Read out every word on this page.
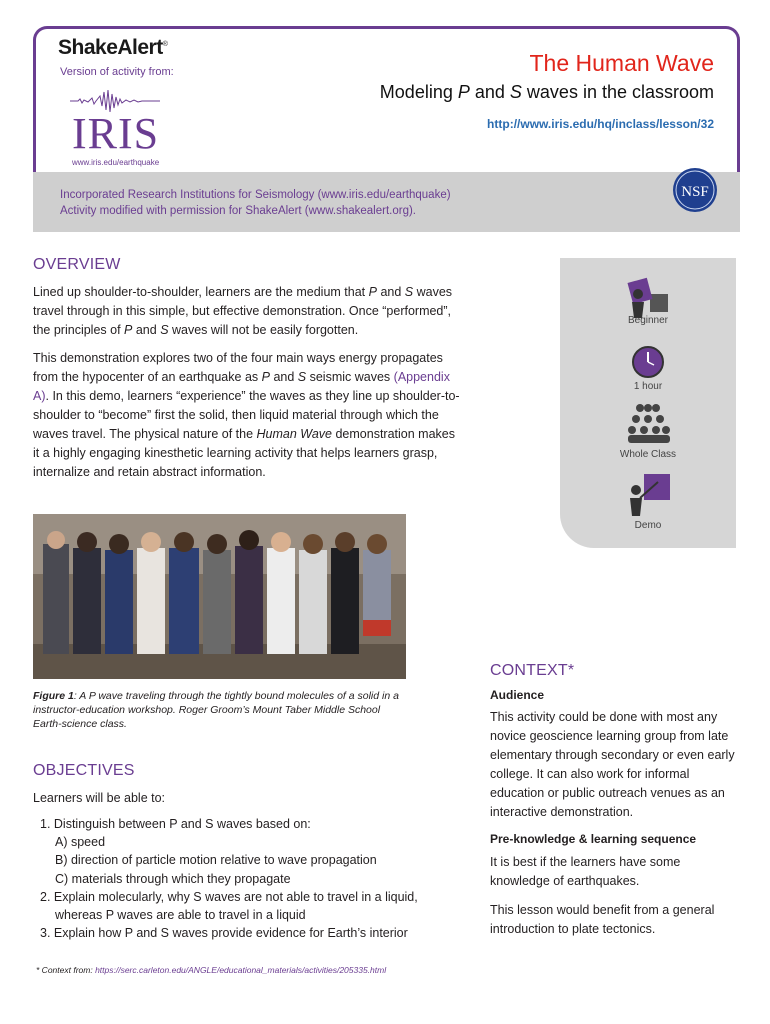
ShakeAlert®
Version of activity from:
IRIS
www.iris.edu/earthquake
The Human Wave
Modeling P and S waves in the classroom
http://www.iris.edu/hq/inclass/lesson/32
Incorporated Research Institutions for Seismology (www.iris.edu/earthquake)
Activity modified with permission for ShakeAlert (www.shakealert.org).
NSF
OVERVIEW
Lined up shoulder-to-shoulder, learners are the medium that P and S waves travel through in this simple, but effective demonstration. Once “performed”, the principles of P and S waves will not be easily forgotten.
This demonstration explores two of the four main ways energy propagates from the hypocenter of an earthquake as P and S seismic waves (Appendix A). In this demo, learners “experience” the waves as they line up shoulder-to-shoulder to “become” first the solid, then liquid material through which the waves travel. The physical nature of the Human Wave demonstration makes it a highly engaging kinesthetic learning activity that helps learners grasp, internalize and retain abstract information.
Beginner
1 hour
Whole Class
Demo
Figure 1: A P wave traveling through the tightly bound molecules of a solid in a instructor-education workshop. Roger Groom’s Mount Taber Middle School Earth-science class.
OBJECTIVES
Learners will be able to:
1. Distinguish between P and S waves based on:
A) speed
B) direction of particle motion relative to wave propagation
C) materials through which they propagate
2. Explain molecularly, why S waves are not able to travel in a liquid,
whereas P waves are able to travel in a liquid
3. Explain how P and S waves provide evidence for Earth’s interior
* Context from: https://serc.carleton.edu/ANGLE/educational_materials/activities/205335.html
CONTEXT*
Audience
This activity could be done with most any novice geoscience learning group from late elementary through secondary or even early college. It can also work for informal education or public outreach venues as an interactive demonstration.
Pre-knowledge & learning sequence
It is best if the learners have some knowledge of earthquakes.
This lesson would benefit from a general introduction to plate tectonics.
